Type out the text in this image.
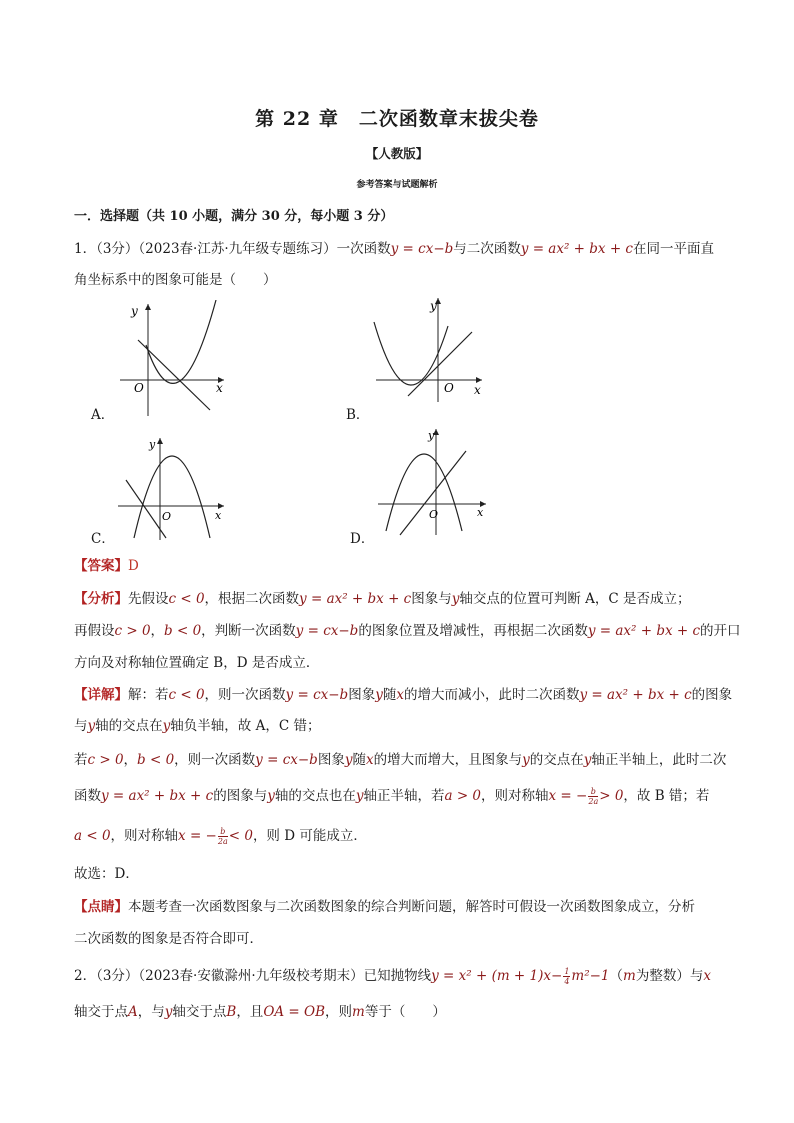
第 22 章　二次函数章末拔尖卷
【人教版】
参考答案与试题解析
一．选择题（共 10 小题，满分 30 分，每小题 3 分）
1．（3分）（2023春·江苏·九年级专题练习）一次函数y = cx−b与二次函数y = ax² + bx + c在同一平面直
角坐标系中的图象可能是（　　）
y
x
O
A．
y
x
O
B．
y
x
O
C．
y
x
O
D．
【答案】D
【分析】先假设c < 0，根据二次函数y = ax² + bx + c图象与y轴交点的位置可判断 A，C 是否成立；
再假设c > 0，b < 0，判断一次函数y = cx−b的图象位置及增减性，再根据二次函数y = ax² + bx + c的开口
方向及对称轴位置确定 B，D 是否成立．
【详解】解：若c < 0，则一次函数y = cx−b图象y随x的增大而减小，此时二次函数y = ax² + bx + c的图象
与y轴的交点在y轴负半轴，故 A，C 错；
若c > 0，b < 0，则一次函数y = cx−b图象y随x的增大而增大，且图象与y的交点在y轴正半轴上，此时二次
函数y = ax² + bx + c的图象与y轴的交点也在y轴正半轴，若a > 0，则对称轴x = − $\frac{b}{2a} > 0$，故 B 错；若
a < 0，则对称轴x = − $\frac{b}{2a} < 0$，则 D 可能成立．
故选：D．
【点睛】本题考查一次函数图象与二次函数图象的综合判断问题，解答时可假设一次函数图象成立，分析
二次函数的图象是否符合即可．
2．（3分）（2023春·安徽滁州·九年级校考期末）已知抛物线$y = x^2 + (m + 1)x- \frac{1}{4} m^2-1(m$为整数）与x
轴交于点A，与y轴交于点B，且OA = OB，则m等于（　　）
